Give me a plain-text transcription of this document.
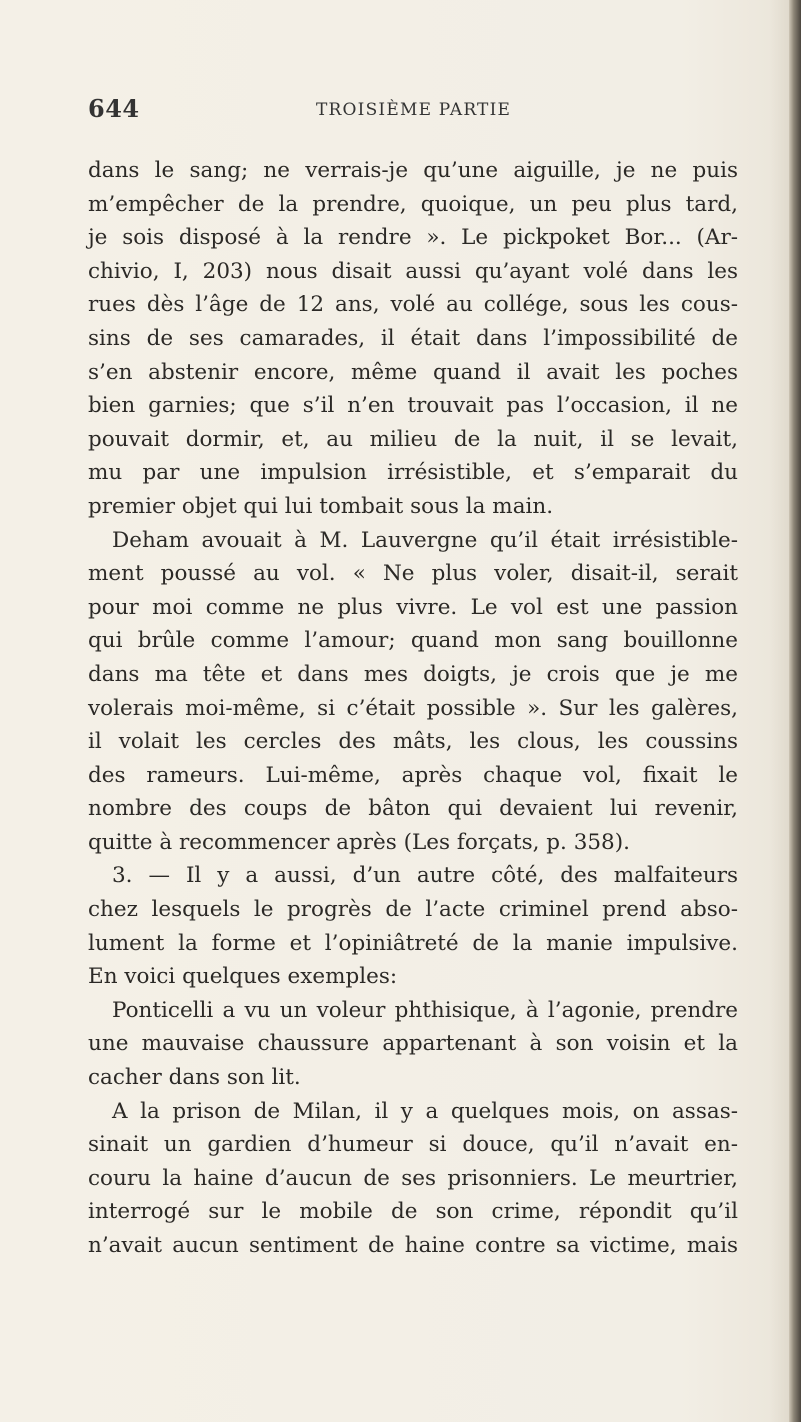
644	TROISIÈME PARTIE
dans le sang; ne verrais-je qu’une aiguille, je ne puis
m’empêcher de la prendre, quoique, un peu plus tard,
je sois disposé à la rendre ». Le pickpoket Bor... (Ar-
chivio, I, 203) nous disait aussi qu’ayant volé dans les
rues dès l’âge de 12 ans, volé au collége, sous les cous-
sins de ses camarades, il était dans l’impossibilité de
s’en abstenir encore, même quand il avait les poches
bien garnies; que s’il n’en trouvait pas l’occasion, il ne
pouvait dormir, et, au milieu de la nuit, il se levait,
mu par une impulsion irrésistible, et s’emparait du
premier objet qui lui tombait sous la main.
Deham avouait à M. Lauvergne qu’il était irrésistible-
ment poussé au vol. « Ne plus voler, disait-il, serait
pour moi comme ne plus vivre. Le vol est une passion
qui brûle comme l’amour; quand mon sang bouillonne
dans ma tête et dans mes doigts, je crois que je me
volerais moi-même, si c’était possible ». Sur les galères,
il volait les cercles des mâts, les clous, les coussins
des rameurs. Lui-même, après chaque vol, fixait le
nombre des coups de bâton qui devaient lui revenir,
quitte à recommencer après (Les forçats, p. 358).
3. — Il y a aussi, d’un autre côté, des malfaiteurs
chez lesquels le progrès de l’acte criminel prend abso-
lument la forme et l’opiniâtreté de la manie impulsive.
En voici quelques exemples:
Ponticelli a vu un voleur phthisique, à l’agonie, prendre
une mauvaise chaussure appartenant à son voisin et la
cacher dans son lit.
A la prison de Milan, il y a quelques mois, on assas-
sinait un gardien d’humeur si douce, qu’il n’avait en-
couru la haine d’aucun de ses prisonniers. Le meurtrier,
interrogé sur le mobile de son crime, répondit qu’il
n’avait aucun sentiment de haine contre sa victime, mais
